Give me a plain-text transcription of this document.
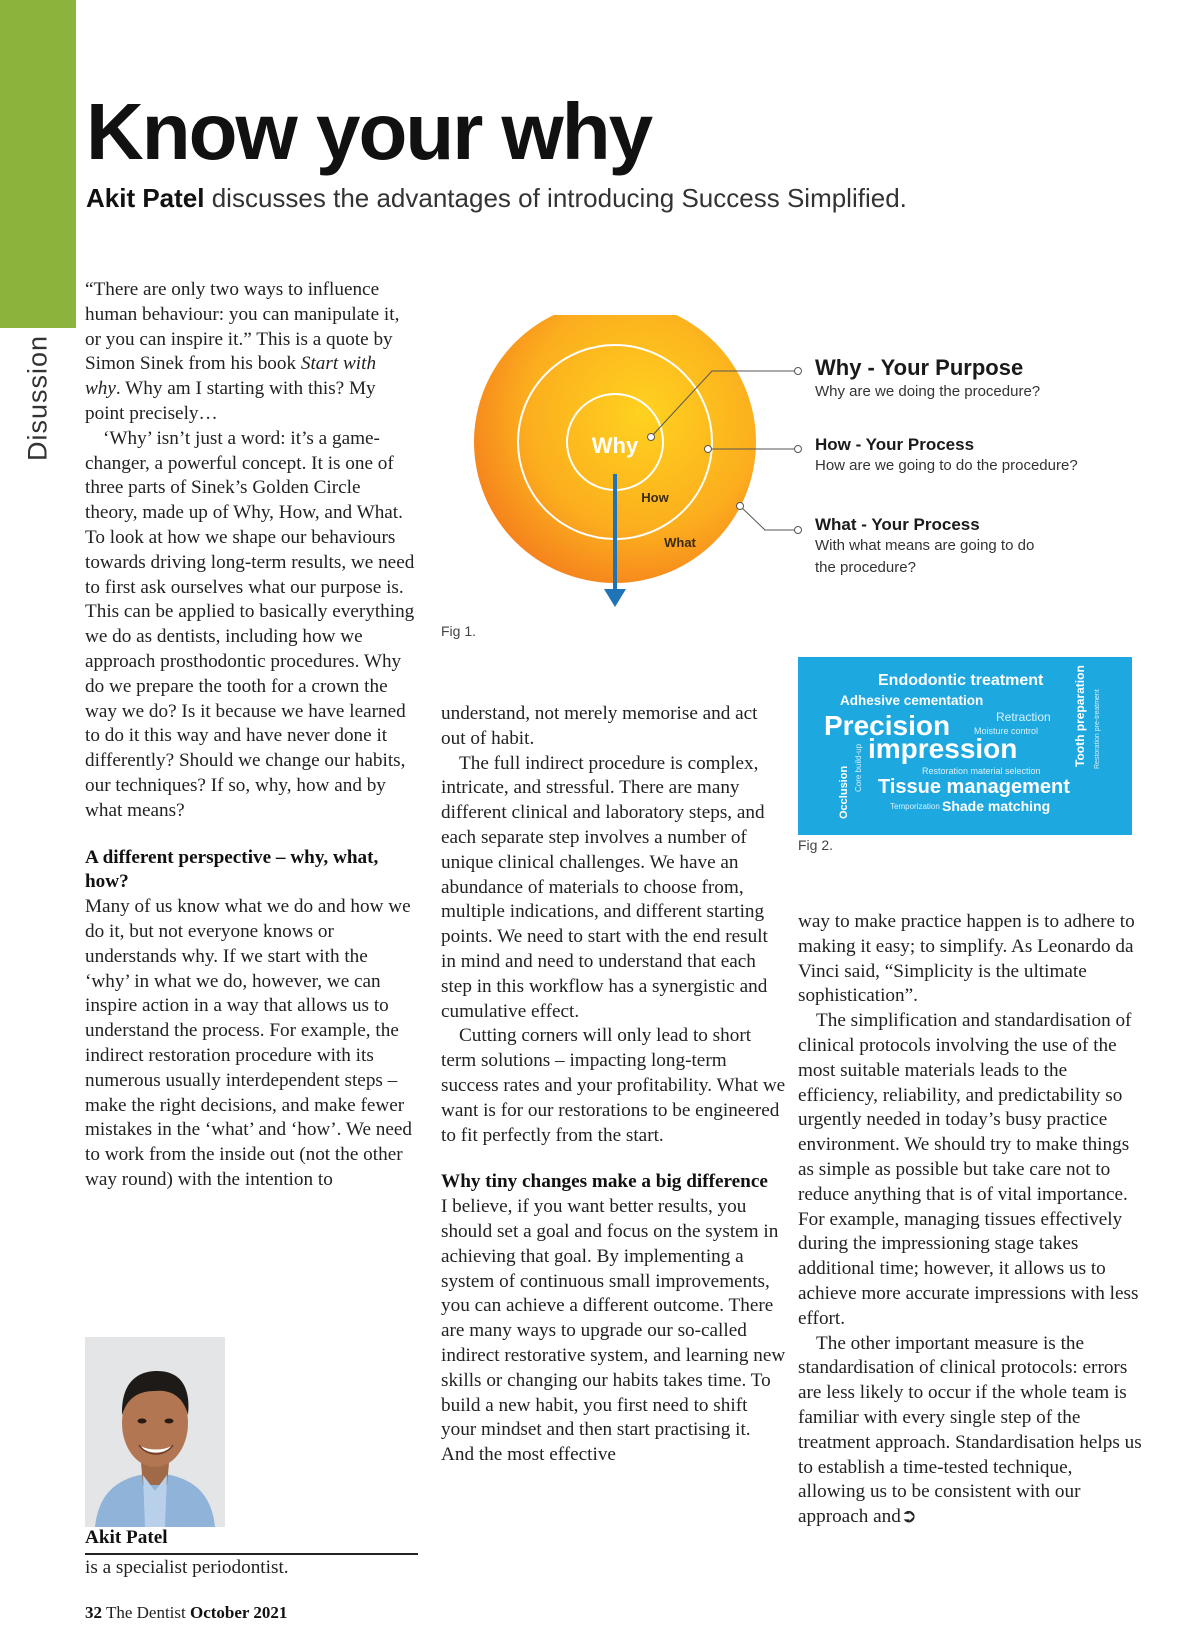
Disussion
Know your why
Akit Patel discusses the advantages of introducing Success Simplified.

“There are only two ways to influence human behaviour: you can manipulate it, or you can inspire it.” This is a quote by Simon Sinek from his book Start with why. Why am I starting with this? My point precisely…

‘Why’ isn’t just a word: it’s a game-changer, a powerful concept. It is one of three parts of Sinek’s Golden Circle theory, made up of Why, How, and What. To look at how we shape our behaviours towards driving long-term results, we need to first ask ourselves what our purpose is. This can be applied to basically everything we do as dentists, including how we approach prosthodontic procedures. Why do we prepare the tooth for a crown the way we do? Is it because we have learned to do it this way and have never done it differently? Should we change our habits, our techniques? If so, why, how and by what means?

A different perspective – why, what, how?

Many of us know what we do and how we do it, but not everyone knows or understands why. If we start with the ‘why’ in what we do, however, we can inspire action in a way that allows us to understand the process. For example, the indirect restoration procedure with its numerous usually interdependent steps – make the right decisions, and make fewer mistakes in the ‘what’ and ‘how’. We need to work from the inside out (not the other way round) with the intention to

Why
How
What
Why - Your Purpose
Why are we doing the procedure?
How - Your Process
How are we going to do the procedure?
What - Your Process
With what means are going to do
the procedure?
Fig 1.
Endodontic treatment
Adhesive cementation
Retraction
Precision	Moisture control
impression
Restoration material selection
Tissue management
Temporization Shade matching
Tooth preparation Restoration pre-treatment
Occlusion Core build-up
Fig 2.

understand, not merely memorise and act out of habit.

The full indirect procedure is complex, intricate, and stressful. There are many different clinical and laboratory steps, and each separate step involves a number of unique clinical challenges. We have an abundance of materials to choose from, multiple indications, and different starting points. We need to start with the end result in mind and need to understand that each step in this workflow has a synergistic and cumulative effect.

Cutting corners will only lead to short term solutions – impacting long-term success rates and your profitability. What we want is for our restorations to be engineered to fit perfectly from the start.

Why tiny changes make a big difference

I believe, if you want better results, you should set a goal and focus on the system in achieving that goal. By implementing a system of continuous small improvements, you can achieve a different outcome. There are many ways to upgrade our so-called indirect restorative system, and learning new skills or changing our habits takes time. To build a new habit, you first need to shift your mindset and then start practising it. And the most effective

way to make practice happen is to adhere to making it easy; to simplify. As Leonardo da Vinci said, “Simplicity is the ultimate sophistication”.

The simplification and standardisation of clinical protocols involving the use of the most suitable materials leads to the efficiency, reliability, and predictability so urgently needed in today’s busy practice environment. We should try to make things as simple as possible but take care not to reduce anything that is of vital importance. For example, managing tissues effectively during the impressioning stage takes additional time; however, it allows us to achieve more accurate impressions with less effort.

The other important measure is the standardisation of clinical protocols: errors are less likely to occur if the whole team is familiar with every single step of the treatment approach. Standardisation helps us to establish a time-tested technique, allowing us to be consistent with our approach and➲

Akit Patel
is a specialist periodontist.
32 The Dentist October 2021
